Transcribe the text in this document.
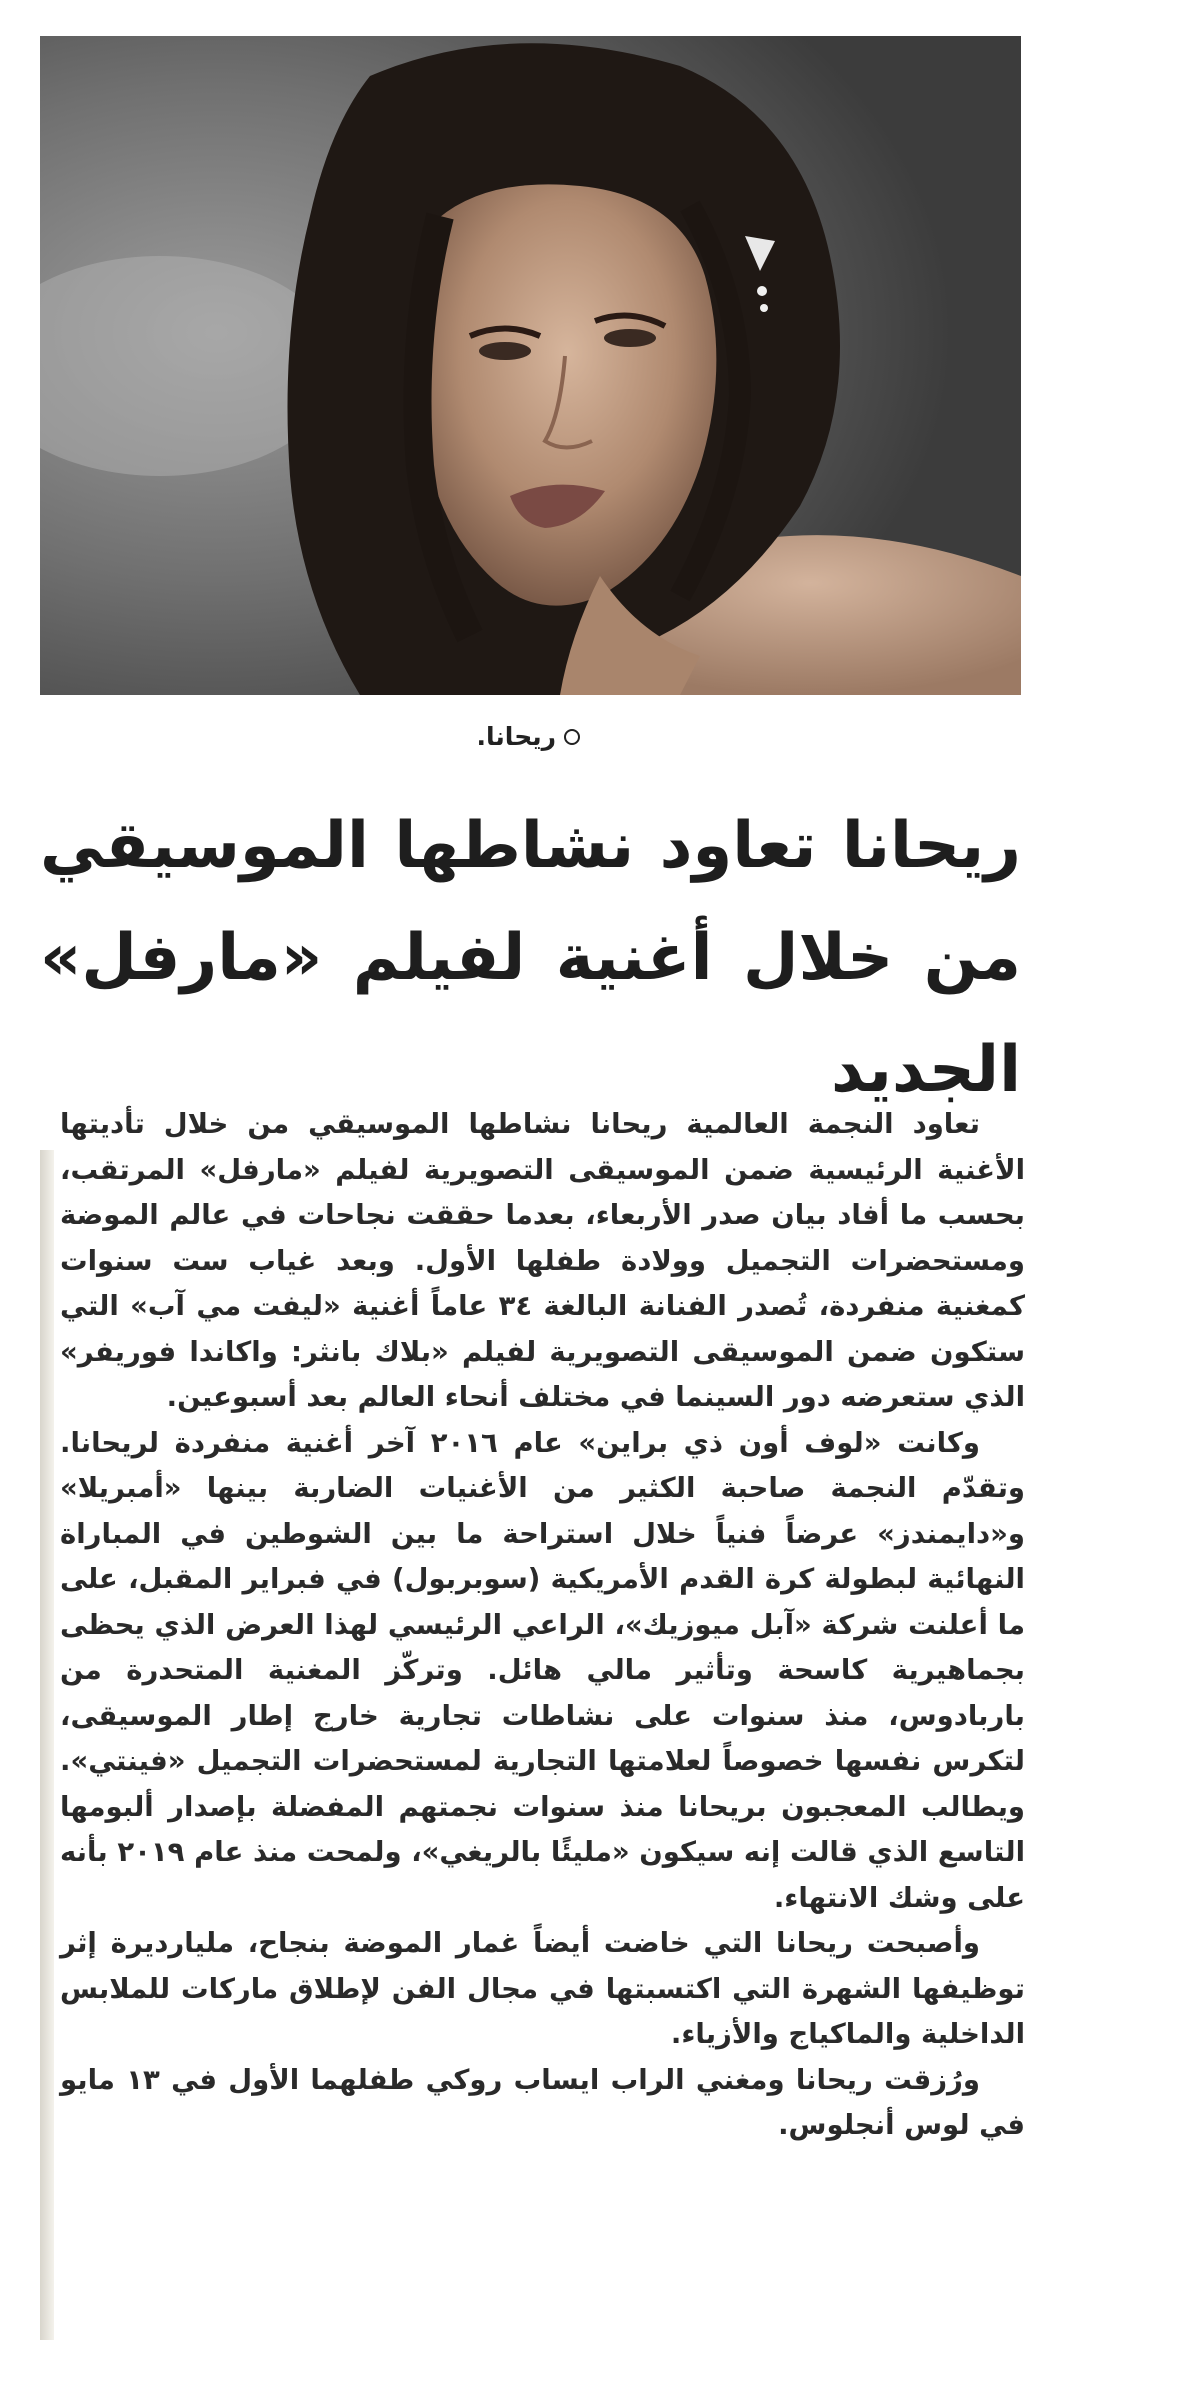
ريحانا.
ريحانا تعاود نشاطها الموسيقي من خلال أغنية لفيلم «مارفل» الجديد

تعاود النجمة العالمية ريحانا نشاطها الموسيقي من خلال تأديتها الأغنية الرئيسية ضمن الموسيقى التصويرية لفيلم «مارفل» المرتقب، بحسب ما أفاد بيان صدر الأربعاء، بعدما حققت نجاحات في عالم الموضة ومستحضرات التجميل وولادة طفلها الأول. وبعد غياب ست سنوات كمغنية منفردة، تُصدر الفنانة البالغة ٣٤ عاماً أغنية «ليفت مي آب» التي ستكون ضمن الموسيقى التصويرية لفيلم «بلاك بانثر: واكاندا فوريفر» الذي ستعرضه دور السينما في مختلف أنحاء العالم بعد أسبوعين.

وكانت «لوف أون ذي براين» عام ٢٠١٦ آخر أغنية منفردة لريحانا. وتقدّم النجمة صاحبة الكثير من الأغنيات الضاربة بينها «أمبريلا» و«دايمندز» عرضاً فنياً خلال استراحة ما بين الشوطين في المباراة النهائية لبطولة كرة القدم الأمريكية (سوبربول) في فبراير المقبل، على ما أعلنت شركة «آبل ميوزيك»، الراعي الرئيسي لهذا العرض الذي يحظى بجماهيرية كاسحة وتأثير مالي هائل. وتركّز المغنية المتحدرة من باربادوس، منذ سنوات على نشاطات تجارية خارج إطار الموسيقى، لتكرس نفسها خصوصاً لعلامتها التجارية لمستحضرات التجميل «فينتي». ويطالب المعجبون بريحانا منذ سنوات نجمتهم المفضلة بإصدار ألبومها التاسع الذي قالت إنه سيكون «مليئًا بالريغي»، ولمحت منذ عام ٢٠١٩ بأنه على وشك الانتهاء.

وأصبحت ريحانا التي خاضت أيضاً غمار الموضة بنجاح، مليارديرة إثر توظيفها الشهرة التي اكتسبتها في مجال الفن لإطلاق ماركات للملابس الداخلية والماكياج والأزياء.

ورُزقت ريحانا ومغني الراب ايساب روكي طفلهما الأول في ١٣ مايو في لوس أنجلوس.
